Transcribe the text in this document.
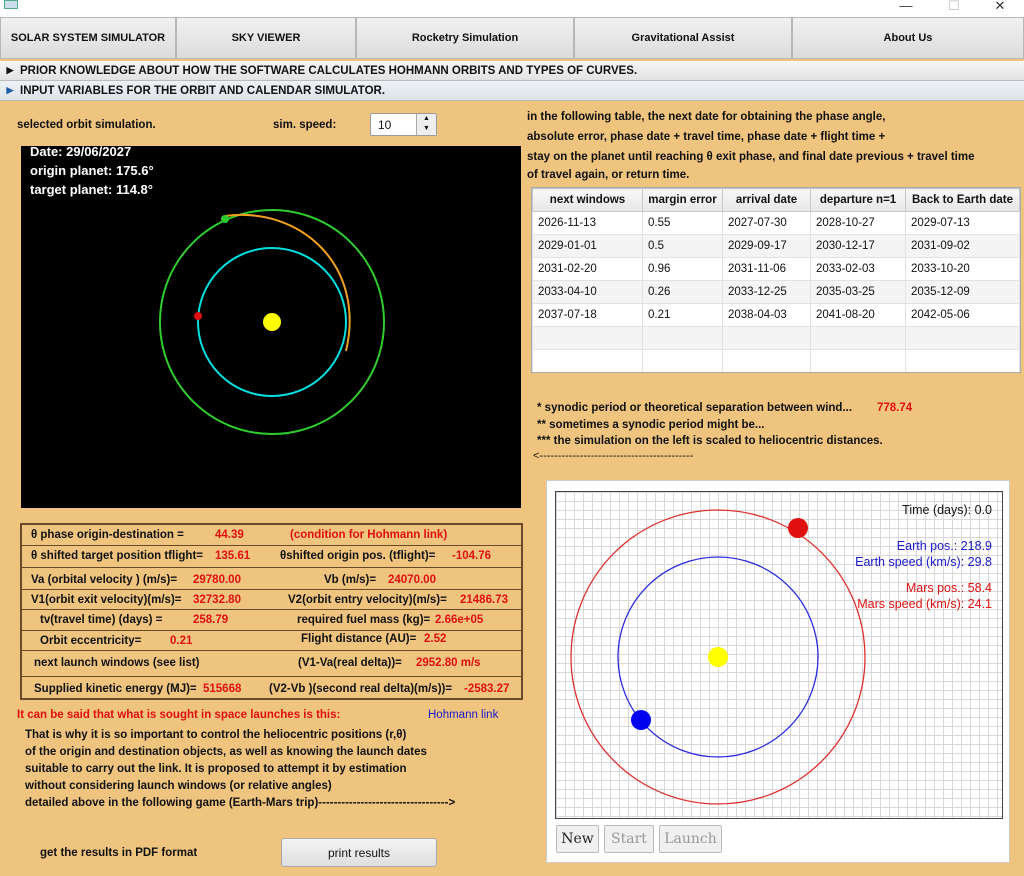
—	☐	✕
SOLAR SYSTEM SIMULATOR	SKY VIEWER	Rocketry Simulation	Gravitational Assist	About Us
▶ PRIOR KNOWLEDGE ABOUT HOW THE SOFTWARE CALCULATES HOHMANN ORBITS AND TYPES OF CURVES.
▶ INPUT VARIABLES FOR THE ORBIT AND CALENDAR SIMULATOR.
selected orbit simulation.	sim. speed:	10	▲
▼
Date: 29/06/2027
origin planet: 175.6°
target planet: 114.8°
θ phase origin-destination =	44.39	(condition for Hohmann link)
θ shifted target position tflight= 135.61	θshifted origin pos. (tflight)= -104.76
Va (orbital velocity ) (m/s)= 29780.00	Vb (m/s)= 24070.00
V1(orbit exit velocity)(m/s)= 32732.80	V2(orbit entry velocity)(m/s)= 21486.73
tv(travel time) (days) =	258.79	required fuel mass (kg)= 2.66e+05
Orbit eccentricity= 0.21	Flight distance (AU)= 2.52
next launch windows (see list)	(V1-Va(real delta))= 2952.80 m/s
Supplied kinetic energy (MJ)= 515668 (V2-Vb )(second real delta)(m/s))= -2583.27
It can be said that what is sought in space launches is this:	Hohmann link
That is why it is so important to control the heliocentric positions (r,θ)
of the origin and destination objects, as well as knowing the launch dates
suitable to carry out the link. It is proposed to attempt it by estimation
without considering launch windows (or relative angles)
detailed above in the following game (Earth-Mars trip)---------------------------------->
get the results in PDF format	print results
in the following table, the next date for obtaining the phase angle,
absolute error, phase date + travel time, phase date + flight time +
stay on the planet until reaching θ exit phase, and final date previous + travel time
of travel again, or return time.
next windows	margin error	arrival date	departure n=1	Back to Earth date
2026-11-13	0.55	2027-07-30	2028-10-27	2029-07-13
2029-01-01	0.5	2029-09-17	2030-12-17	2031-09-02
2031-02-20	0.96	2031-11-06	2033-02-03	2033-10-20
2033-04-10	0.26	2033-12-25	2035-03-25	2035-12-09
2037-07-18	0.21	2038-04-03	2041-08-20	2042-05-06

* synodic period or theoretical separation between wind... 778.74
** sometimes a synodic period might be...
*** the simulation on the left is scaled to heliocentric distances.
<------------------------------------------
Time (days): 0.0
Earth pos.: 218.9
Earth speed (km/s): 29.8
Mars pos.: 58.4
Mars speed (km/s): 24.1
New	Start	Launch
